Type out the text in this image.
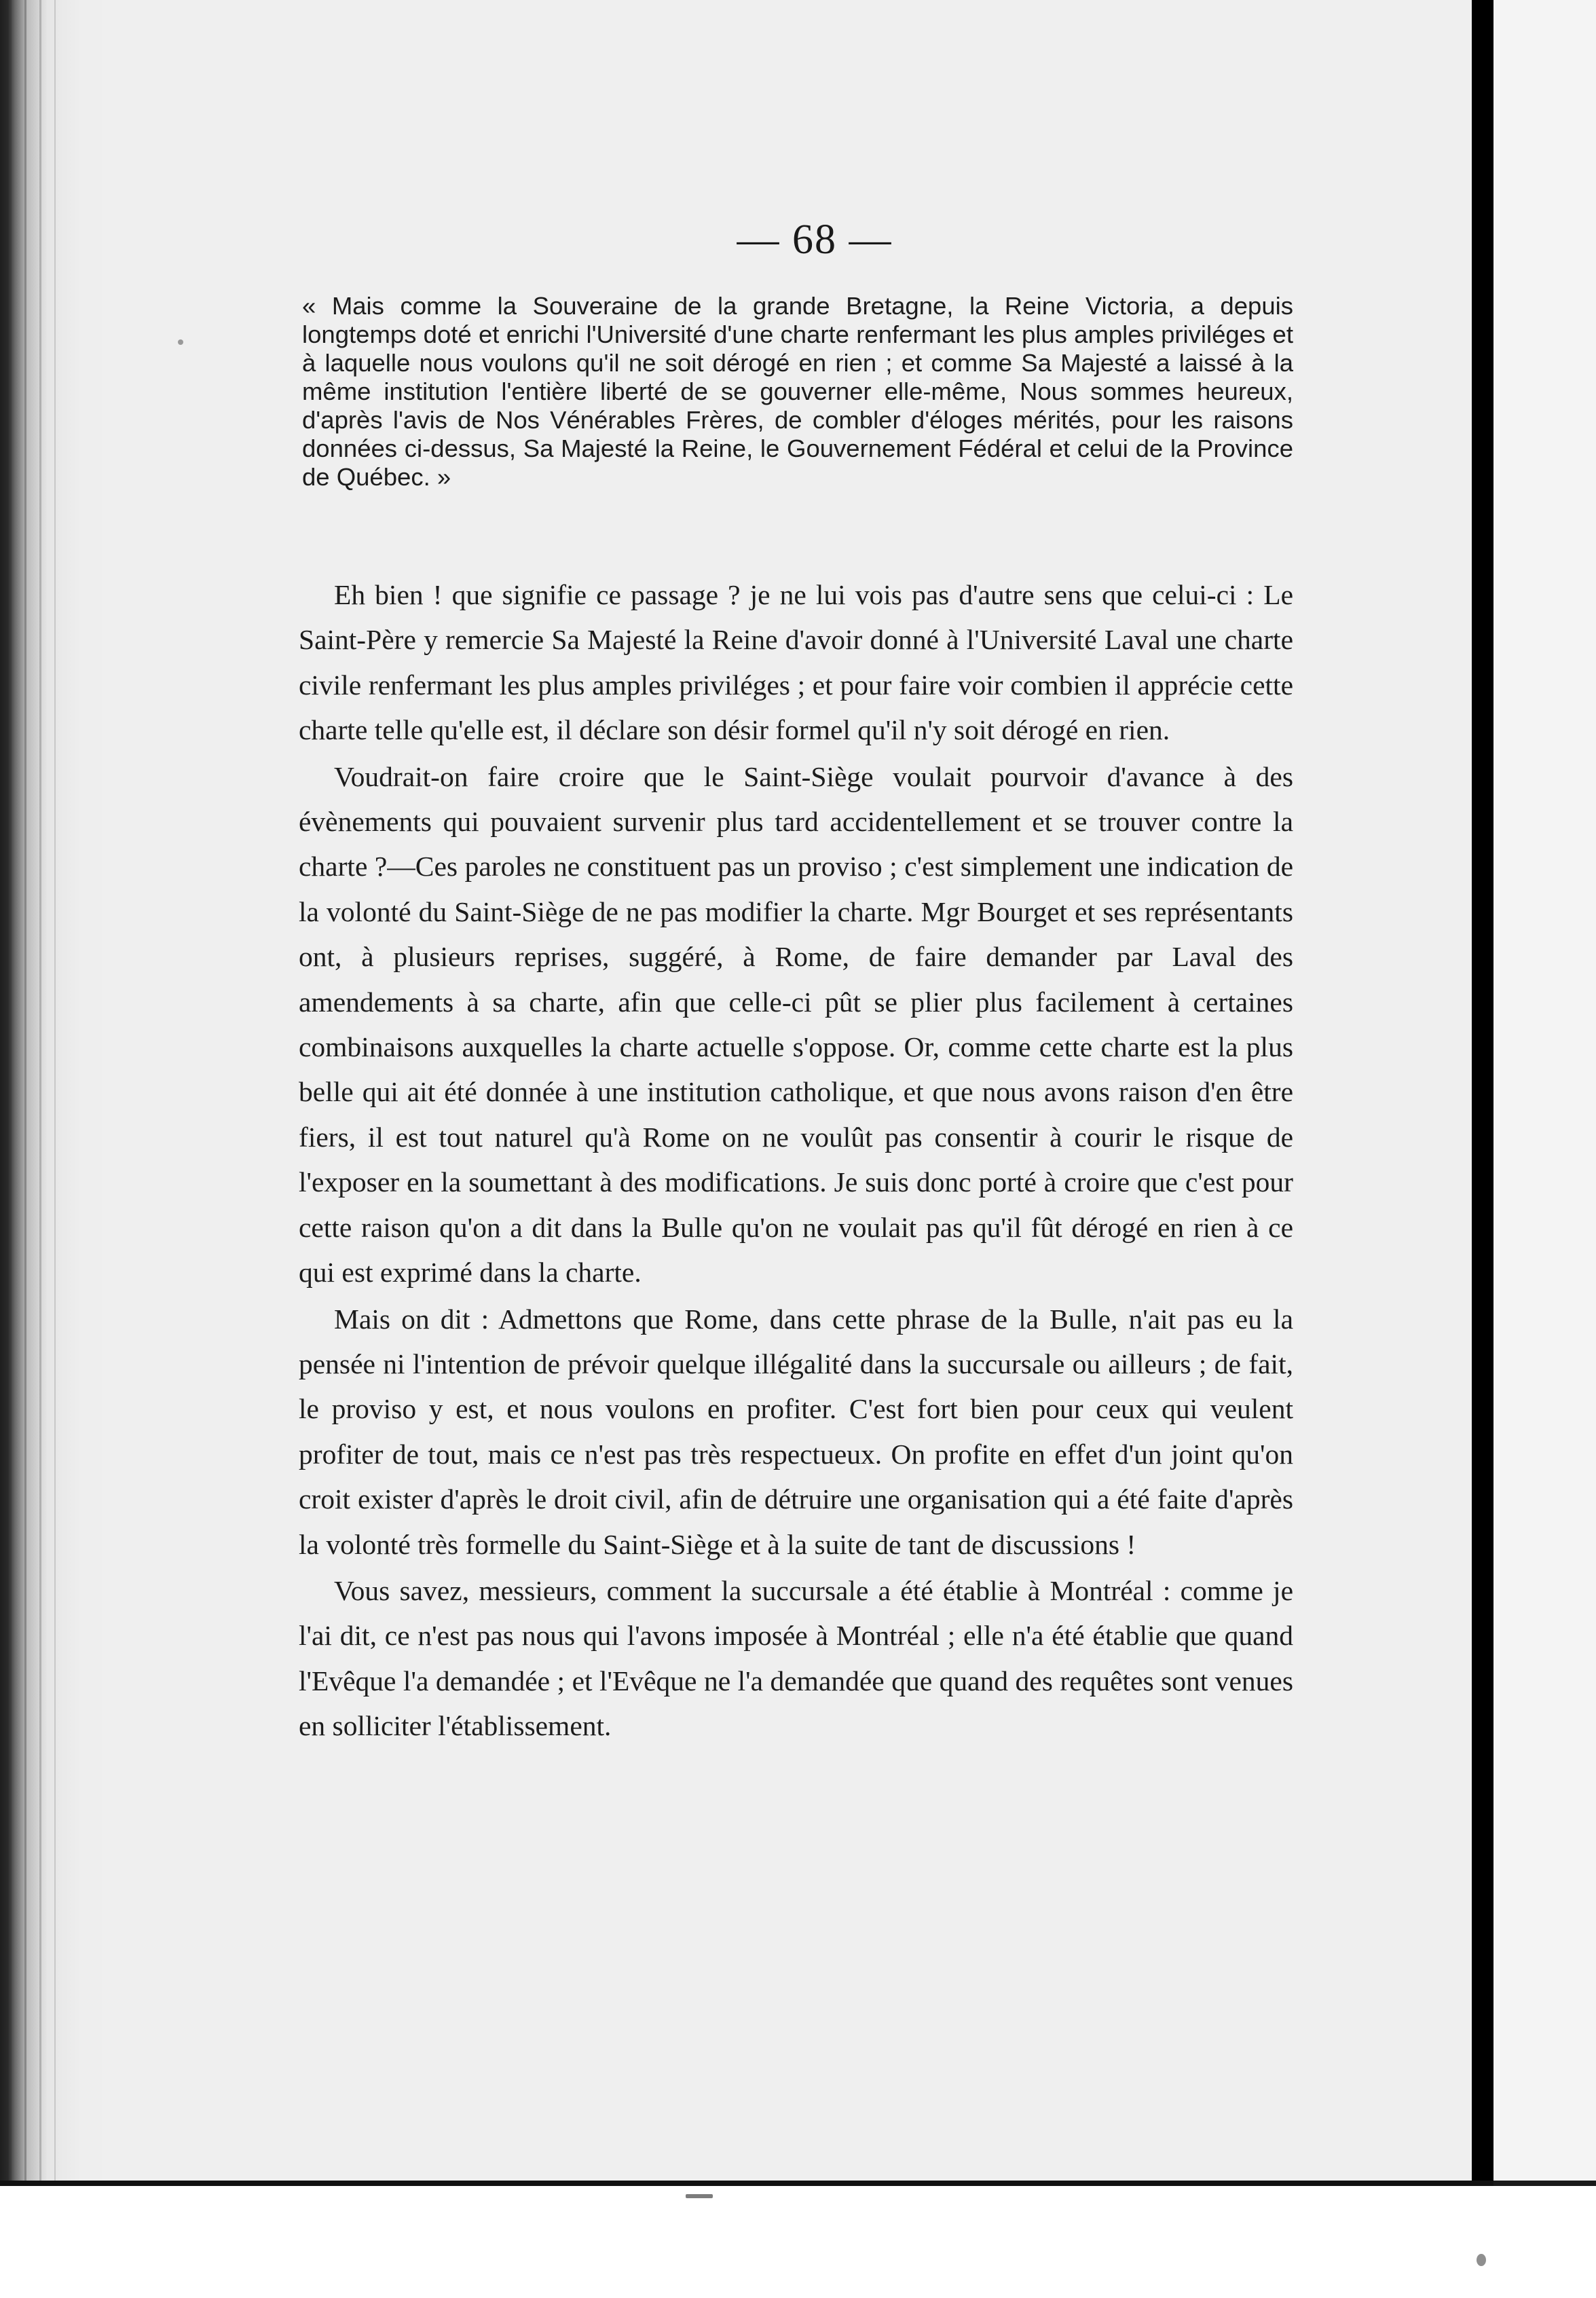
— 68 —

« Mais comme la Souveraine de la grande Bretagne, la Reine Victoria, a depuis longtemps doté et enrichi l'Université d'une charte renfermant les plus amples priviléges et à laquelle nous voulons qu'il ne soit dérogé en rien ; et comme Sa Majesté a laissé à la même institution l'entière liberté de se gouverner elle-même, Nous sommes heureux, d'après l'avis de Nos Vénérables Frères, de combler d'éloges mérités, pour les raisons données ci-dessus, Sa Majesté la Reine, le Gouvernement Fédéral et celui de la Province de Québec. »

Eh bien ! que signifie ce passage ? je ne lui vois pas d'autre sens que celui-ci : Le Saint-Père y remercie Sa Majesté la Reine d'avoir donné à l'Université Laval une charte civile renfermant les plus amples priviléges ; et pour faire voir combien il apprécie cette charte telle qu'elle est, il déclare son désir formel qu'il n'y soit dérogé en rien.

Voudrait-on faire croire que le Saint-Siège voulait pourvoir d'avance à des évènements qui pouvaient survenir plus tard accidentellement et se trouver contre la charte ?—Ces paroles ne constituent pas un proviso ; c'est simplement une indication de la volonté du Saint-Siège de ne pas modifier la charte. Mgr Bourget et ses représentants ont, à plusieurs reprises, suggéré, à Rome, de faire demander par Laval des amendements à sa charte, afin que celle-ci pût se plier plus facilement à certaines combinaisons auxquelles la charte actuelle s'oppose. Or, comme cette charte est la plus belle qui ait été donnée à une institution catholique, et que nous avons raison d'en être fiers, il est tout naturel qu'à Rome on ne voulût pas consentir à courir le risque de l'exposer en la soumettant à des modifications. Je suis donc porté à croire que c'est pour cette raison qu'on a dit dans la Bulle qu'on ne voulait pas qu'il fût dérogé en rien à ce qui est exprimé dans la charte.

Mais on dit : Admettons que Rome, dans cette phrase de la Bulle, n'ait pas eu la pensée ni l'intention de prévoir quelque illégalité dans la succursale ou ailleurs ; de fait, le proviso y est, et nous voulons en profiter. C'est fort bien pour ceux qui veulent profiter de tout, mais ce n'est pas très respectueux. On profite en effet d'un joint qu'on croit exister d'après le droit civil, afin de détruire une organisation qui a été faite d'après la volonté très formelle du Saint-Siège et à la suite de tant de discussions !

Vous savez, messieurs, comment la succursale a été établie à Montréal : comme je l'ai dit, ce n'est pas nous qui l'avons imposée à Montréal ; elle n'a été établie que quand l'Evêque l'a demandée ; et l'Evêque ne l'a demandée que quand des requêtes sont venues en solliciter l'établissement.
